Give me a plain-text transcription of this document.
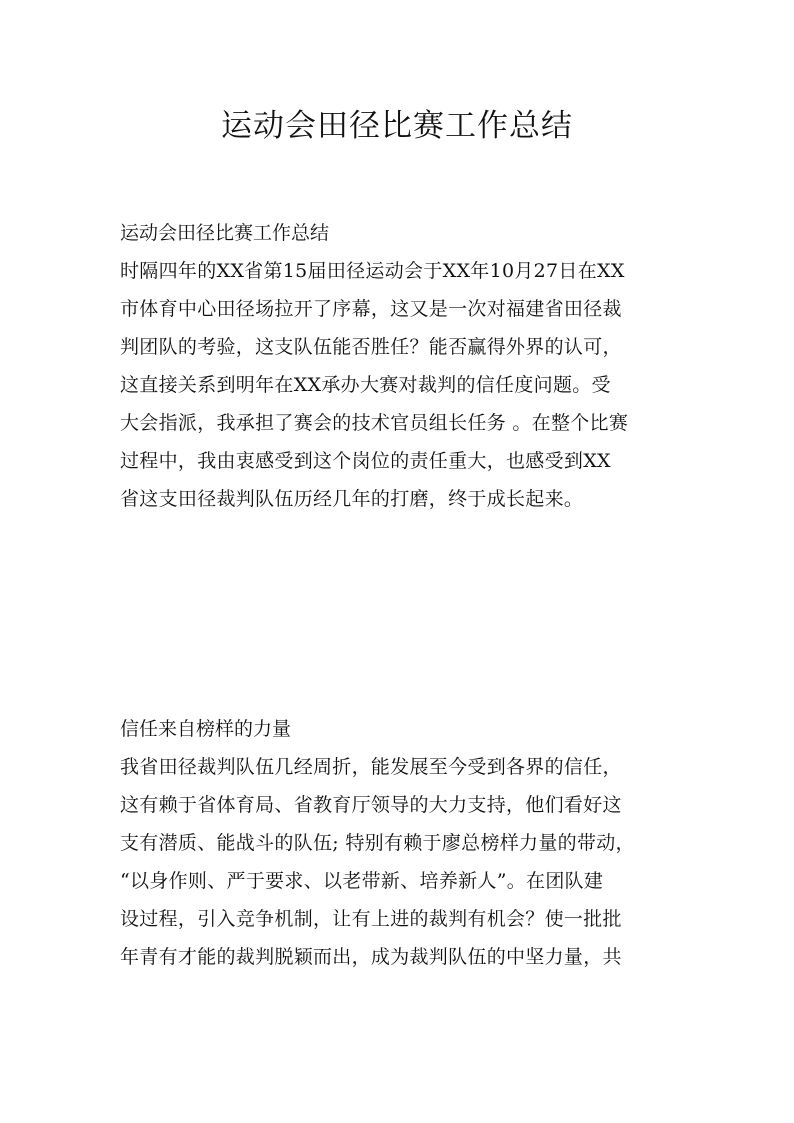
运动会田径比赛工作总结
运动会田径比赛工作总结
时隔四年的XX省第15届田径运动会于XX年10月27日在XX
市体育中心田径场拉开了序幕，这又是一次对福建省田径裁
判团队的考验，这支队伍能否胜任？能否赢得外界的认可，
这直接关系到明年在XX承办大赛对裁判的信任度问题。受
大会指派，我承担了赛会的技术官员组长任务 。在整个比赛
过程中，我由衷感受到这个岗位的责任重大，也感受到XX
省这支田径裁判队伍历经几年的打磨，终于成长起来。
信任来自榜样的力量
我省田径裁判队伍几经周折，能发展至今受到各界的信任，
这有赖于省体育局、省教育厅领导的大力支持，他们看好这
支有潜质、能战斗的队伍; 特别有赖于廖总榜样力量的带动，
“以身作则、严于要求、以老带新、培养新人”。在团队建
设过程，引入竞争机制，让有上进的裁判有机会？使一批批
年青有才能的裁判脱颖而出，成为裁判队伍的中坚力量，共
